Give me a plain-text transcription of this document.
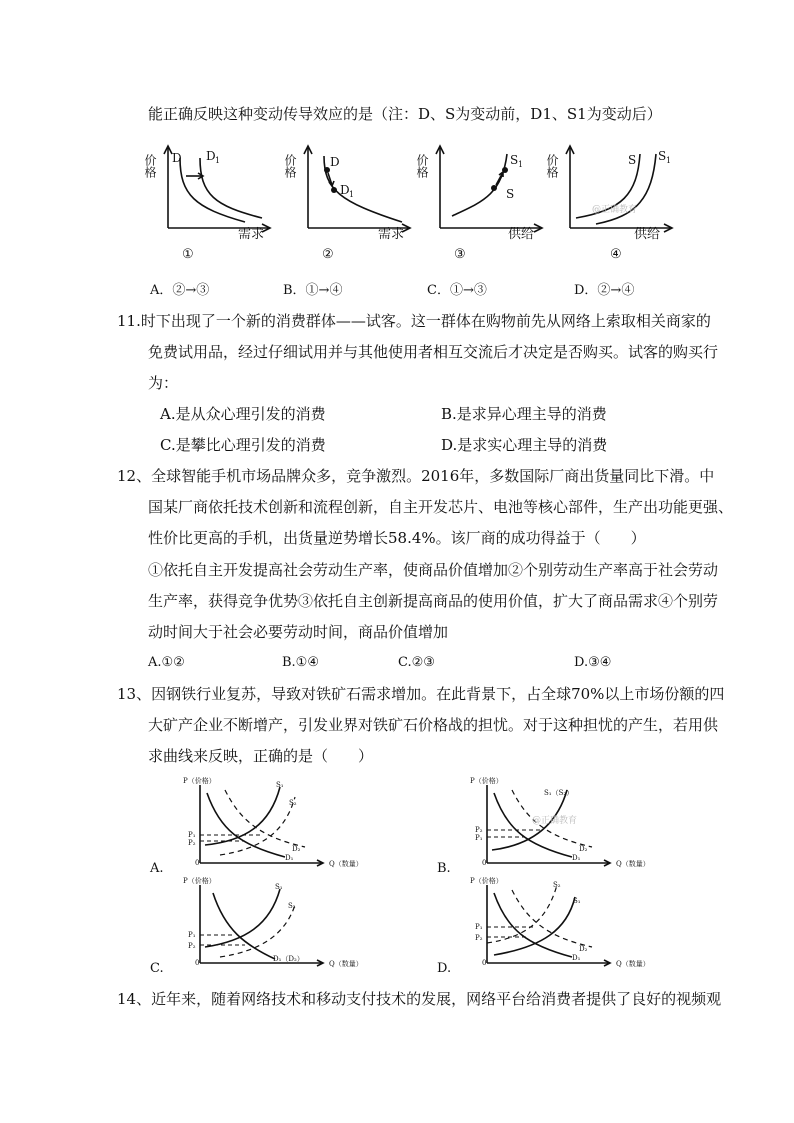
能正确反映这种变动传导效应的是（注：D、S为变动前，D1、S1为变动后）
价格 D D 1
需求
①
价格	D
D 1
需求
②
价格
S
S 1
供给
③
价格	S S 1
@正确教育
供给
④
A．②→③	B．①→④	C．①→③	D．②→④
11.时下出现了一个新的消费群体——试客。这一群体在购物前先从网络上索取相关商家的
免费试用品，经过仔细试用并与其他使用者相互交流后才决定是否购买。试客的购买行
为：
A.是从众心理引发的消费	B.是求异心理主导的消费
C.是攀比心理引发的消费	D.是求实心理主导的消费
12、全球智能手机市场品牌众多，竞争激烈。2016年，多数国际厂商出货量同比下滑。中
国某厂商依托技术创新和流程创新，自主开发芯片、电池等核心部件，生产出功能更强、
性价比更高的手机，出货量逆势增长58.4%。该厂商的成功得益于（　　）
①依托自主开发提高社会劳动生产率，使商品价值增加②个别劳动生产率高于社会劳动
生产率，获得竞争优势③依托自主创新提高商品的使用价值，扩大了商品需求④个别劳
动时间大于社会必要劳动时间，商品价值增加
A.①②	B.①④	C.②③	D.③④
13、因钢铁行业复苏，导致对铁矿石需求增加。在此背景下，占全球70%以上市场份额的四
大矿产企业不断增产，引发业界对铁矿石价格战的担忧。对于这种担忧的产生，若用供
求曲线来反映，正确的是（　　）
P（价格）
0	Q（数量）
P₁
P₂
S₁
S₂
D₁
D₂
A.
P（价格）
0	Q（数量）
P₂
P₁
S₁（S₂）
D₁
D₂
@正确教育
B.
P（价格）
0	Q（数量）
P₁
P₂
S₁
S₂
D₁（D₂）
C.
P（价格）
0	Q（数量）
P₁
P₂
S₁
S₂
D₁
D₂
D.
14、近年来，随着网络技术和移动支付技术的发展，网络平台给消费者提供了良好的视频观
